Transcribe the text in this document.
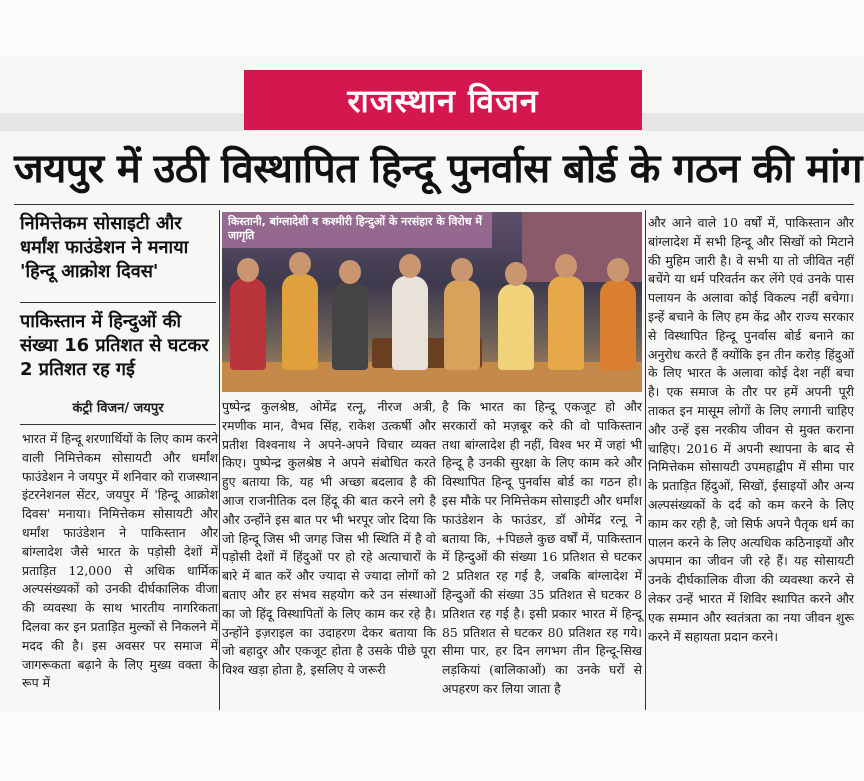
राजस्थान विजन
जयपुर में उठी विस्थापित हिन्दू पुनर्वास बोर्ड के गठन की मांग
निमित्तेकम सोसाइटी और धर्मांश फाउंडेशन ने मनाया 'हिन्दू आक्रोश दिवस'
पाकिस्तान में हिन्दुओं की संख्या 16 प्रतिशत से घटकर 2 प्रतिशत रह गई
कंट्री विजन/ जयपुर
किस्तानी, बांग्लादेशी व कश्मीरी हिन्दुओं के नरसंहार के विरोध में जागृति
भारत में हिन्दू शरणार्थियों के लिए काम करने वाली निमित्तेकम सोसायटी और धर्मांश फाउंडेशन ने जयपुर में शनिवार को राजस्थान इंटरनेशनल सेंटर, जयपुर में 'हिन्दू आक्रोश दिवस' मनाया। निमित्तेकम सोसायटी और धर्मांश फाउंडेशन ने पाकिस्तान और बांग्लादेश जैसे भारत के पड़ोसी देशों में प्रताड़ित 12,000 से अधिक धार्मिक अल्पसंख्यकों को उनकी दीर्घकालिक वीजा की व्यवस्था के साथ भारतीय नागरिकता दिलवा कर इन प्रताड़ित मुल्कों से निकलने में मदद की है। इस अवसर पर समाज में जागरूकता बढ़ाने के लिए मुख्य वक्ता के रूप में
पुष्पेन्द्र कुलश्रेष्ठ, ओमेंद्र रत्नू, नीरज अत्री, रमणीक मान, वैभव सिंह, राकेश उत्कर्षी और प्रतीश विश्वनाथ ने अपने-अपने विचार व्यक्त किए। पुष्पेन्द्र कुलश्रेष्ठ ने अपने संबोधित करते हुए बताया कि, यह भी अच्छा बदलाव है की आज राजनीतिक दल हिंदू की बात करने लगे है और उन्होंने इस बात पर भी भरपूर जोर दिया कि जो हिन्दू जिस भी जगह जिस भी स्थिति में है वो पड़ोसी देशों में हिंदुओं पर हो रहे अत्याचारों के बारे में बात करें और ज्यादा से ज्यादा लोगों को बताए और हर संभव सहयोग करे उन संस्थाओं का जो हिंदू विस्थापितों के लिए काम कर रहे है। उन्होंने इज़राइल का उदाहरण देकर बताया कि जो बहादुर और एकजूट होता है उसके पीछे पूरा विश्व खड़ा होता है, इसलिए ये जरूरी
है कि भारत का हिन्दू एकजूट हो और सरकारों को मज़बूर करे की वो पाकिस्तान तथा बांग्लादेश ही नहीं, विश्व भर में जहां भी हिन्दू है उनकी सुरक्षा के लिए काम करे और विस्थापित हिन्दू पुनर्वास बोर्ड का गठन हो। इस मौके पर निमित्तेकम सोसाइटी और धर्मांश फाउंडेशन के फाउंडर, डॉ ओमेंद्र रत्नू ने बताया कि, +पिछले कुछ वर्षों में, पाकिस्तान में हिन्दुओं की संख्या 16 प्रतिशत से घटकर 2 प्रतिशत रह गई है, जबकि बांग्लादेश में हिन्दुओं की संख्या 35 प्रतिशत से घटकर 8 प्रतिशत रह गई है। इसी प्रकार भारत में हिन्दू 85 प्रतिशत से घटकर 80 प्रतिशत रह गये। सीमा पार, हर दिन लगभग तीन हिन्दू-सिख लड़कियां (बालिकाओं) का उनके घरों से अपहरण कर लिया जाता है
और आने वाले 10 वर्षों में, पाकिस्तान और बांग्लादेश में सभी हिन्दू और सिखों को मिटाने की मुहिम जारी है। वे सभी या तो जीवित नहीं बचेंगे या धर्म परिवर्तन कर लेंगे एवं उनके पास पलायन के अलावा कोई विकल्प नहीं बचेगा। इन्हें बचाने के लिए हम केंद्र और राज्य सरकार से विस्थापित हिन्दू पुनर्वास बोर्ड बनाने का अनुरोध करते हैं क्योंकि इन तीन करोड़ हिंदुओं के लिए भारत के अलावा कोई देश नहीं बचा है। एक समाज के तौर पर हमें अपनी पूरी ताकत इन मासूम लोगों के लिए लगानी चाहिए और उन्हें इस नरकीय जीवन से मुक्त कराना चाहिए। 2016 में अपनी स्थापना के बाद से निमित्तेकम सोसायटी उपमहाद्वीप में सीमा पार के प्रताड़ित हिंदुओं, सिखों, ईसाइयों और अन्य अल्पसंख्यकों के दर्द को कम करने के लिए काम कर रही है, जो सिर्फ अपने पैतृक धर्म का पालन करने के लिए अत्यधिक कठिनाइयों और अपमान का जीवन जी रहे हैं। यह सोसायटी उनके दीर्घकालिक वीजा की व्यवस्था करने से लेकर उन्हें भारत में शिविर स्थापित करने और एक सम्मान और स्वतंत्रता का नया जीवन शुरू करने में सहायता प्रदान करने।
